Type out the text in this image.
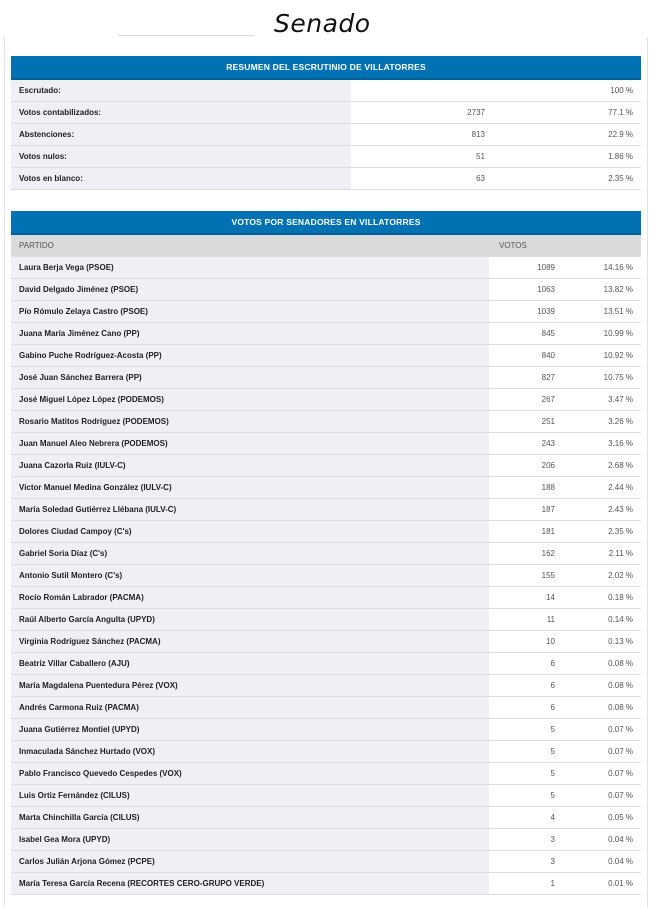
Senado
RESUMEN DEL ESCRUTINIO DE VILLATORRES		
Escrutado:		100 %
Votos contabilizados:	2737	77.1 %
Abstenciones:	813	22.9 %
Votos nulos:	51	1.86 %
Votos en blanco:	63	2.35 %
VOTOS POR SENADORES EN VILLATORRES		
PARTIDO	VOTOS	
Laura Berja Vega (PSOE)	1089	14.16 %
David Delgado Jiménez (PSOE)	1063	13.82 %
Pío Rómulo Zelaya Castro (PSOE)	1039	13.51 %
Juana María Jiménez Cano (PP)	845	10.99 %
Gabino Puche Rodríguez-Acosta (PP)	840	10.92 %
José Juan Sánchez Barrera (PP)	827	10.75 %
José Miguel López López (PODEMOS)	267	3.47 %
Rosario Matitos Rodríguez (PODEMOS)	251	3.26 %
Juan Manuel Aleo Nebrera (PODEMOS)	243	3.16 %
Juana Cazorla Ruiz (IULV-C)	206	2.68 %
Victor Manuel Medina González (IULV-C)	188	2.44 %
María Soledad Gutiérrez Llébana (IULV-C)	187	2.43 %
Dolores Ciudad Campoy (C's)	181	2.35 %
Gabriel Soria Díaz (C's)	162	2.11 %
Antonio Sutil Montero (C's)	155	2.02 %
Rocío Román Labrador (PACMA)	14	0.18 %
Raúl Alberto García Angulta (UPYD)	11	0.14 %
Virginia Rodríguez Sánchez (PACMA)	10	0.13 %
Beatriz Villar Caballero (AJU)	6	0.08 %
María Magdalena Puentedura Pérez (VOX)	6	0.08 %
Andrés Carmona Ruiz (PACMA)	6	0.08 %
Juana Gutiérrez Montiel (UPYD)	5	0.07 %
Inmaculada Sánchez Hurtado (VOX)	5	0.07 %
Pablo Francisco Quevedo Cespedes (VOX)	5	0.07 %
Luis Ortiz Fernández (CILUS)	5	0.07 %
Marta Chinchilla García (CILUS)	4	0.05 %
Isabel Gea Mora (UPYD)	3	0.04 %
Carlos Julián Arjona Gómez (PCPE)	3	0.04 %
María Teresa García Recena (RECORTES CERO-GRUPO VERDE)	1	0.01 %
